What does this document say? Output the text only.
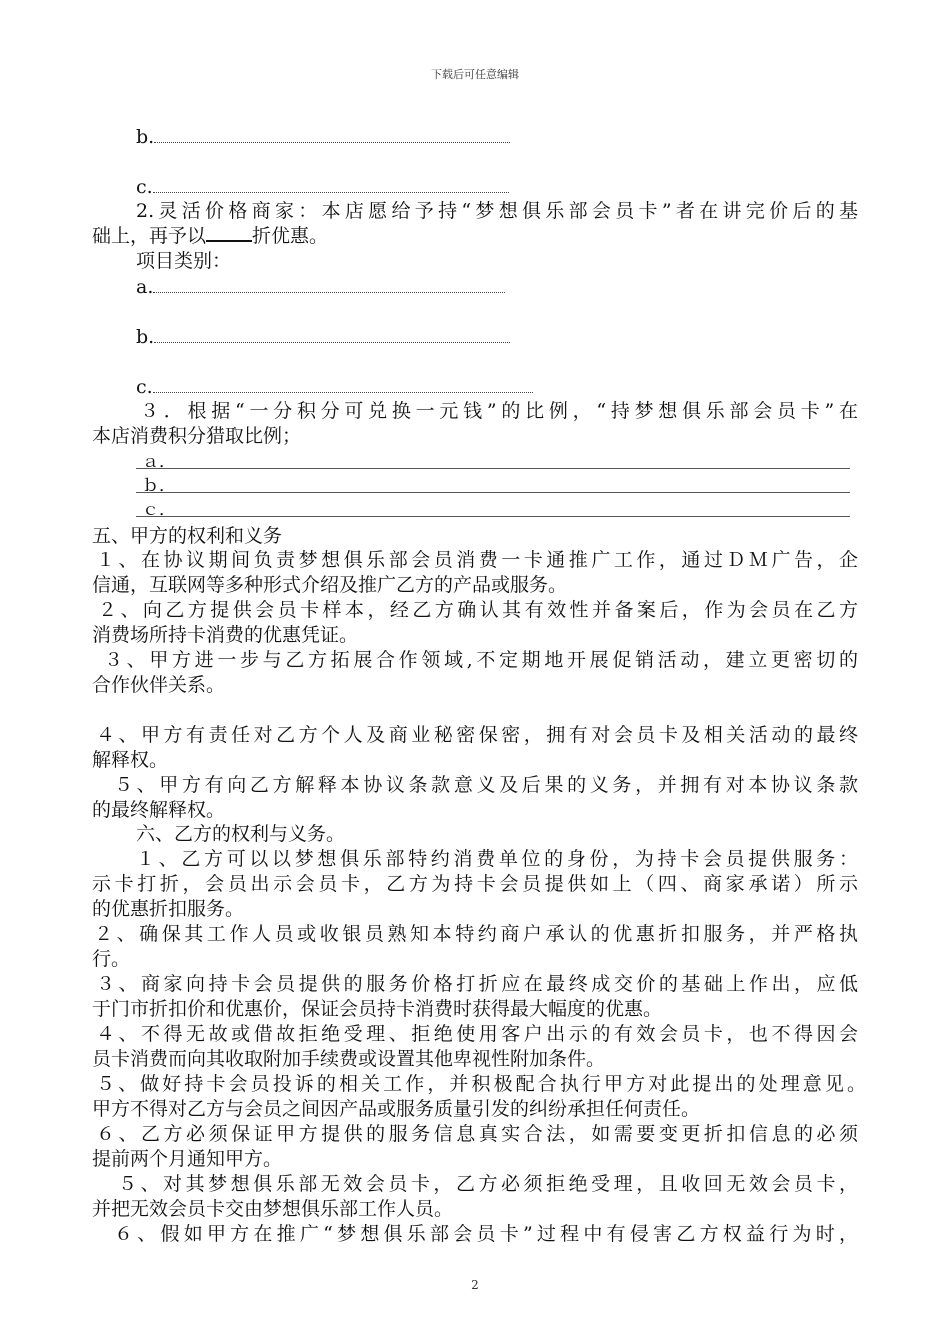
下载后可任意编辑
b.
c.
2.灵活价格商家：本店愿给予持“梦想俱乐部会员卡”者在讲完价后的基
础上，再予以 折优惠。
项目类别：
a.
b.
c.
３．根据“一分积分可兑换一元钱”的比例，“持梦想俱乐部会员卡”在
本店消费积分猎取比例；
ａ．
ｂ．
ｃ．
五、甲方的权利和义务
１、在协议期间负责梦想俱乐部会员消费一卡通推广工作，通过ＤＭ广告，企
信通，互联网等多种形式介绍及推广乙方的产品或服务。
２、向乙方提供会员卡样本，经乙方确认其有效性并备案后，作为会员在乙方
消费场所持卡消费的优惠凭证。
３、甲方进一步与乙方拓展合作领域,不定期地开展促销活动，建立更密切的
合作伙伴关系。
４、甲方有责任对乙方个人及商业秘密保密，拥有对会员卡及相关活动的最终
解释权。
５、甲方有向乙方解释本协议条款意义及后果的义务，并拥有对本协议条款
的最终解释权。
六、乙方的权利与义务。
１、乙方可以以梦想俱乐部特约消费单位的身份，为持卡会员提供服务：
示卡打折，会员出示会员卡，乙方为持卡会员提供如上（四、商家承诺）所示
的优惠折扣服务。
２、确保其工作人员或收银员熟知本特约商户承认的优惠折扣服务，并严格执
行。
３、商家向持卡会员提供的服务价格打折应在最终成交价的基础上作出，应低
于门市折扣价和优惠价，保证会员持卡消费时获得最大幅度的优惠。
４、不得无故或借故拒绝受理、拒绝使用客户出示的有效会员卡，也不得因会
员卡消费而向其收取附加手续费或设置其他卑视性附加条件。
５、做好持卡会员投诉的相关工作，并积极配合执行甲方对此提出的处理意见。
甲方不得对乙方与会员之间因产品或服务质量引发的纠纷承担任何责任。
６、乙方必须保证甲方提供的服务信息真实合法，如需要变更折扣信息的必须
提前两个月通知甲方。
５、对其梦想俱乐部无效会员卡，乙方必须拒绝受理，且收回无效会员卡，
并把无效会员卡交由梦想俱乐部工作人员。
６、假如甲方在推广“梦想俱乐部会员卡”过程中有侵害乙方权益行为时，
2
